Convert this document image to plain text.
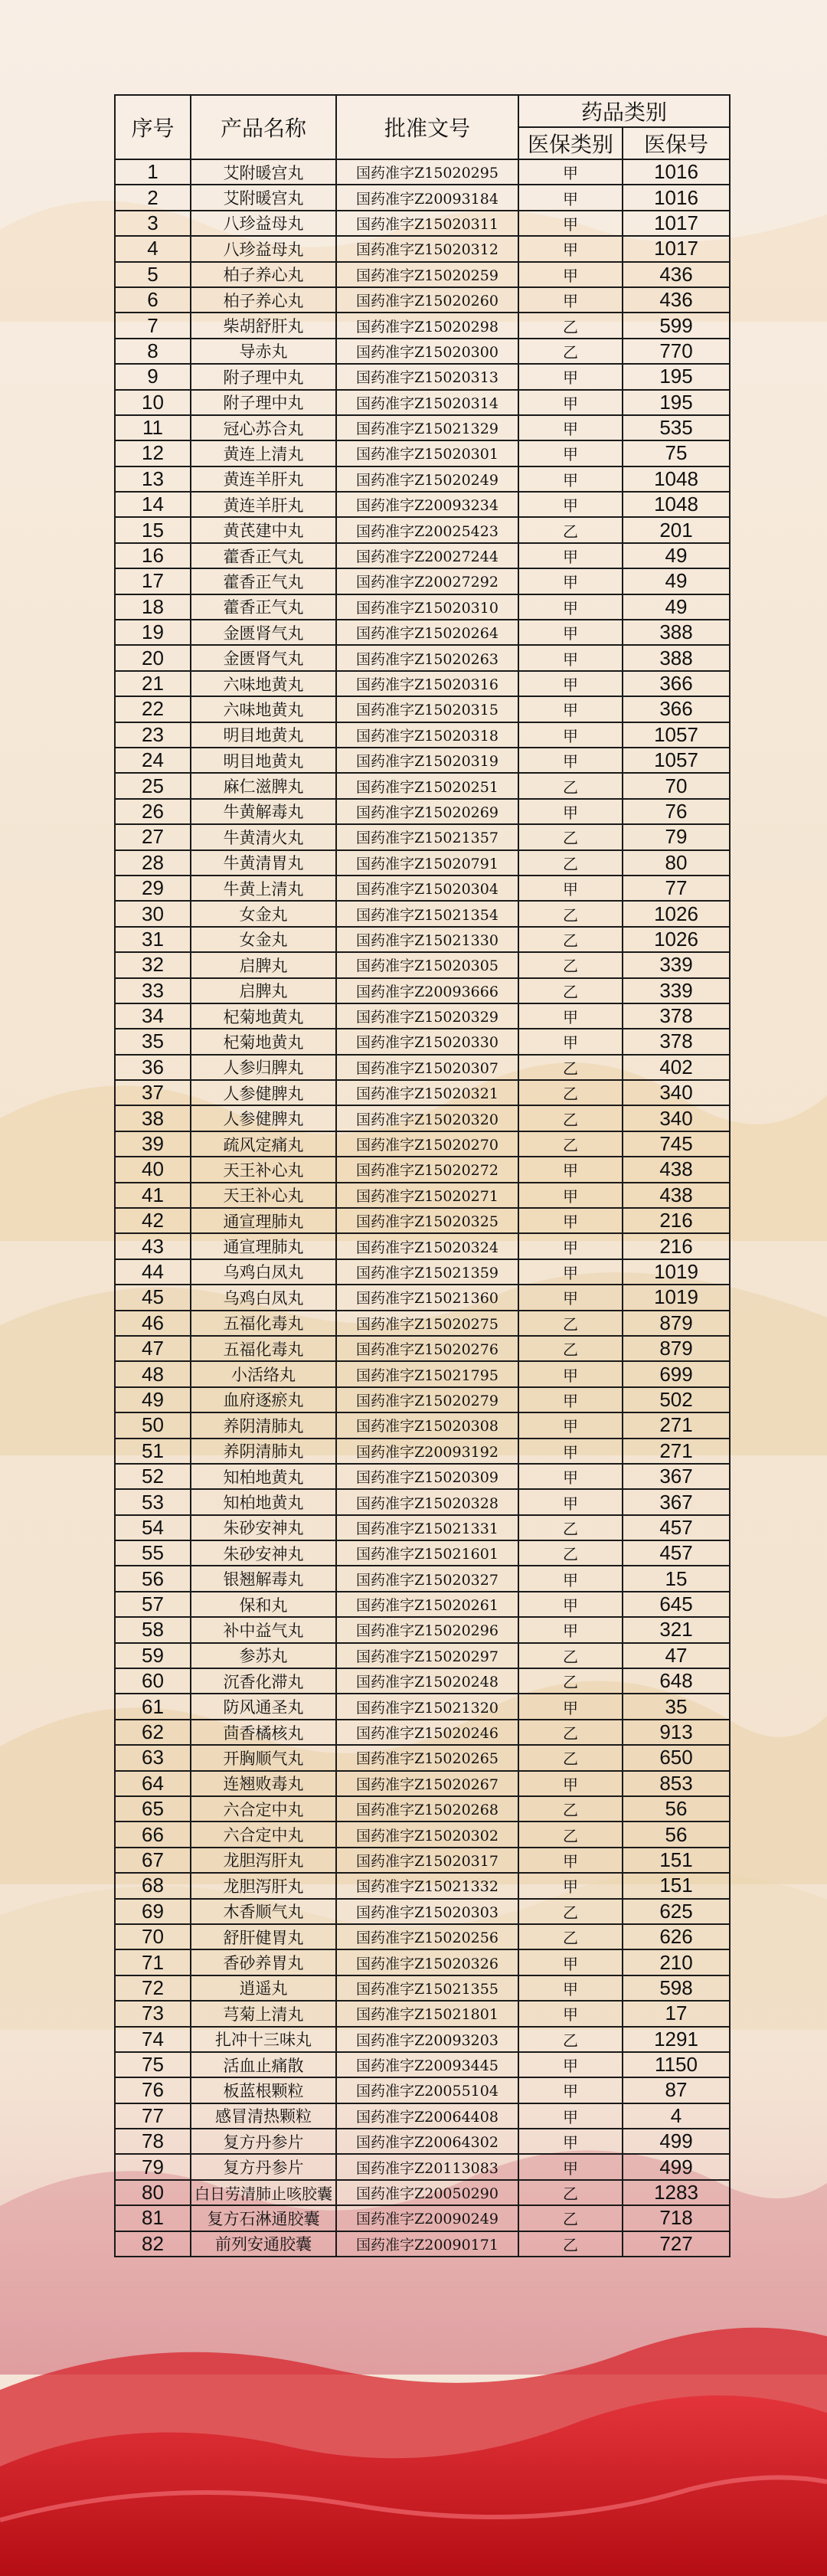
序号	产品名称	批准文号	药品类别	
			医保类别	医保号
1	艾附暖宫丸	国药准字Z15020295	甲	1016
2	艾附暖宫丸	国药准字Z20093184	甲	1016
3	八珍益母丸	国药准字Z15020311	甲	1017
4	八珍益母丸	国药准字Z15020312	甲	1017
5	柏子养心丸	国药准字Z15020259	甲	436
6	柏子养心丸	国药准字Z15020260	甲	436
7	柴胡舒肝丸	国药准字Z15020298	乙	599
8	导赤丸	国药准字Z15020300	乙	770
9	附子理中丸	国药准字Z15020313	甲	195
10	附子理中丸	国药准字Z15020314	甲	195
11	冠心苏合丸	国药准字Z15021329	甲	535
12	黄连上清丸	国药准字Z15020301	甲	75
13	黄连羊肝丸	国药准字Z15020249	甲	1048
14	黄连羊肝丸	国药准字Z20093234	甲	1048
15	黄芪建中丸	国药准字Z20025423	乙	201
16	藿香正气丸	国药准字Z20027244	甲	49
17	藿香正气丸	国药准字Z20027292	甲	49
18	藿香正气丸	国药准字Z15020310	甲	49
19	金匮肾气丸	国药准字Z15020264	甲	388
20	金匮肾气丸	国药准字Z15020263	甲	388
21	六味地黄丸	国药准字Z15020316	甲	366
22	六味地黄丸	国药准字Z15020315	甲	366
23	明目地黄丸	国药准字Z15020318	甲	1057
24	明目地黄丸	国药准字Z15020319	甲	1057
25	麻仁滋脾丸	国药准字Z15020251	乙	70
26	牛黄解毒丸	国药准字Z15020269	甲	76
27	牛黄清火丸	国药准字Z15021357	乙	79
28	牛黄清胃丸	国药准字Z15020791	乙	80
29	牛黄上清丸	国药准字Z15020304	甲	77
30	女金丸	国药准字Z15021354	乙	1026
31	女金丸	国药准字Z15021330	乙	1026
32	启脾丸	国药准字Z15020305	乙	339
33	启脾丸	国药准字Z20093666	乙	339
34	杞菊地黄丸	国药准字Z15020329	甲	378
35	杞菊地黄丸	国药准字Z15020330	甲	378
36	人参归脾丸	国药准字Z15020307	乙	402
37	人参健脾丸	国药准字Z15020321	乙	340
38	人参健脾丸	国药准字Z15020320	乙	340
39	疏风定痛丸	国药准字Z15020270	乙	745
40	天王补心丸	国药准字Z15020272	甲	438
41	天王补心丸	国药准字Z15020271	甲	438
42	通宣理肺丸	国药准字Z15020325	甲	216
43	通宣理肺丸	国药准字Z15020324	甲	216
44	乌鸡白凤丸	国药准字Z15021359	甲	1019
45	乌鸡白凤丸	国药准字Z15021360	甲	1019
46	五福化毒丸	国药准字Z15020275	乙	879
47	五福化毒丸	国药准字Z15020276	乙	879
48	小活络丸	国药准字Z15021795	甲	699
49	血府逐瘀丸	国药准字Z15020279	甲	502
50	养阴清肺丸	国药准字Z15020308	甲	271
51	养阴清肺丸	国药准字Z20093192	甲	271
52	知柏地黄丸	国药准字Z15020309	甲	367
53	知柏地黄丸	国药准字Z15020328	甲	367
54	朱砂安神丸	国药准字Z15021331	乙	457
55	朱砂安神丸	国药准字Z15021601	乙	457
56	银翘解毒丸	国药准字Z15020327	甲	15
57	保和丸	国药准字Z15020261	甲	645
58	补中益气丸	国药准字Z15020296	甲	321
59	参苏丸	国药准字Z15020297	乙	47
60	沉香化滞丸	国药准字Z15020248	乙	648
61	防风通圣丸	国药准字Z15021320	甲	35
62	茴香橘核丸	国药准字Z15020246	乙	913
63	开胸顺气丸	国药准字Z15020265	乙	650
64	连翘败毒丸	国药准字Z15020267	甲	853
65	六合定中丸	国药准字Z15020268	乙	56
66	六合定中丸	国药准字Z15020302	乙	56
67	龙胆泻肝丸	国药准字Z15020317	甲	151
68	龙胆泻肝丸	国药准字Z15021332	甲	151
69	木香顺气丸	国药准字Z15020303	乙	625
70	舒肝健胃丸	国药准字Z15020256	乙	626
71	香砂养胃丸	国药准字Z15020326	甲	210
72	逍遥丸	国药准字Z15021355	甲	598
73	芎菊上清丸	国药准字Z15021801	甲	17
74	扎冲十三味丸	国药准字Z20093203	乙	1291
75	活血止痛散	国药准字Z20093445	甲	1150
76	板蓝根颗粒	国药准字Z20055104	甲	87
77	感冒清热颗粒	国药准字Z20064408	甲	4
78	复方丹参片	国药准字Z20064302	甲	499
79	复方丹参片	国药准字Z20113083	甲	499
80	白日劳清肺止咳胶囊	国药准字Z20050290	乙	1283
81	复方石淋通胶囊	国药准字Z20090249	乙	718
82	前列安通胶囊	国药准字Z20090171	乙	727
